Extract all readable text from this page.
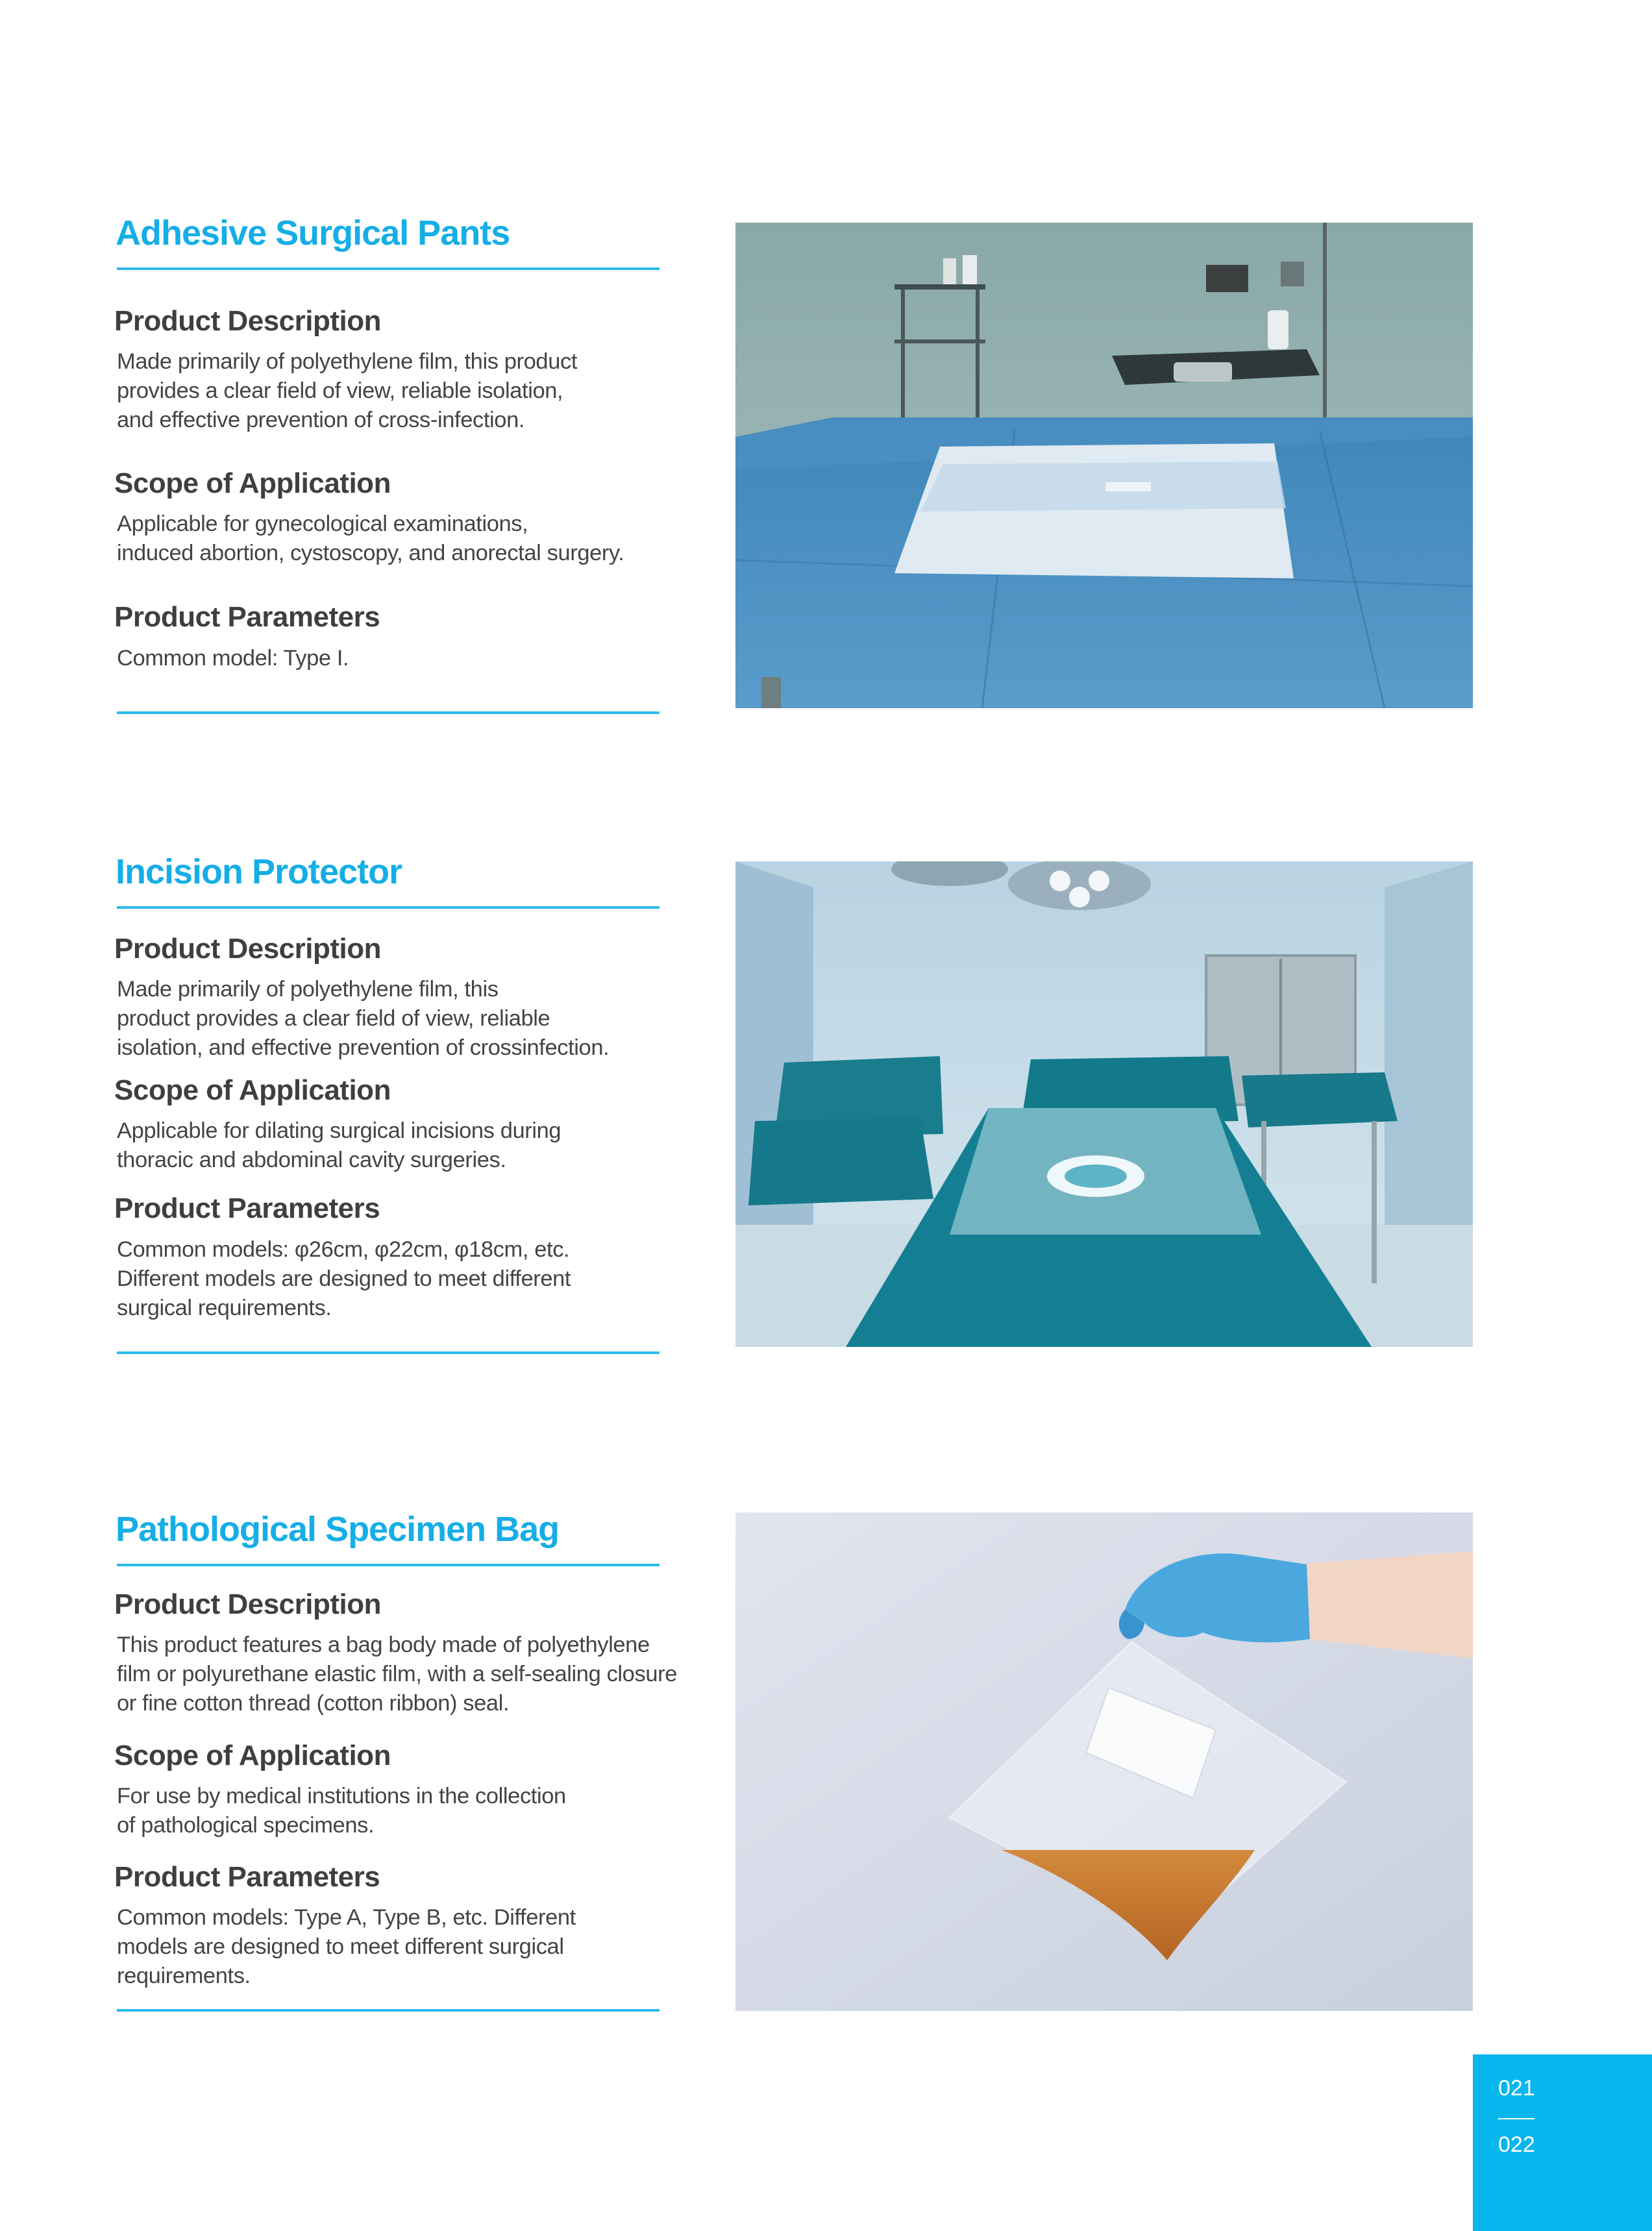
Adhesive Surgical Pants
Product Description

Made primarily of polyethylene film, this product
provides a clear field of view, reliable isolation,
and effective prevention of cross-infection.

Scope of Application

Applicable for gynecological examinations,
induced abortion, cystoscopy, and anorectal surgery.

Product Parameters

Common model: Type I.

Incision Protector
Product Description

Made primarily of polyethylene film, this
product provides a clear field of view, reliable
isolation, and effective prevention of crossinfection.

Scope of Application

Applicable for dilating surgical incisions during
thoracic and abdominal cavity surgeries.

Product Parameters

Common models: φ26cm, φ22cm, φ18cm, etc.
Different models are designed to meet different
surgical requirements.

Pathological Specimen Bag
Product Description

This product features a bag body made of polyethylene
film or polyurethane elastic film, with a self-sealing closure
or fine cotton thread (cotton ribbon) seal.

Scope of Application

For use by medical institutions in the collection
of pathological specimens.

Product Parameters

Common models: Type A, Type B, etc. Different
models are designed to meet different surgical
requirements.

021
022
